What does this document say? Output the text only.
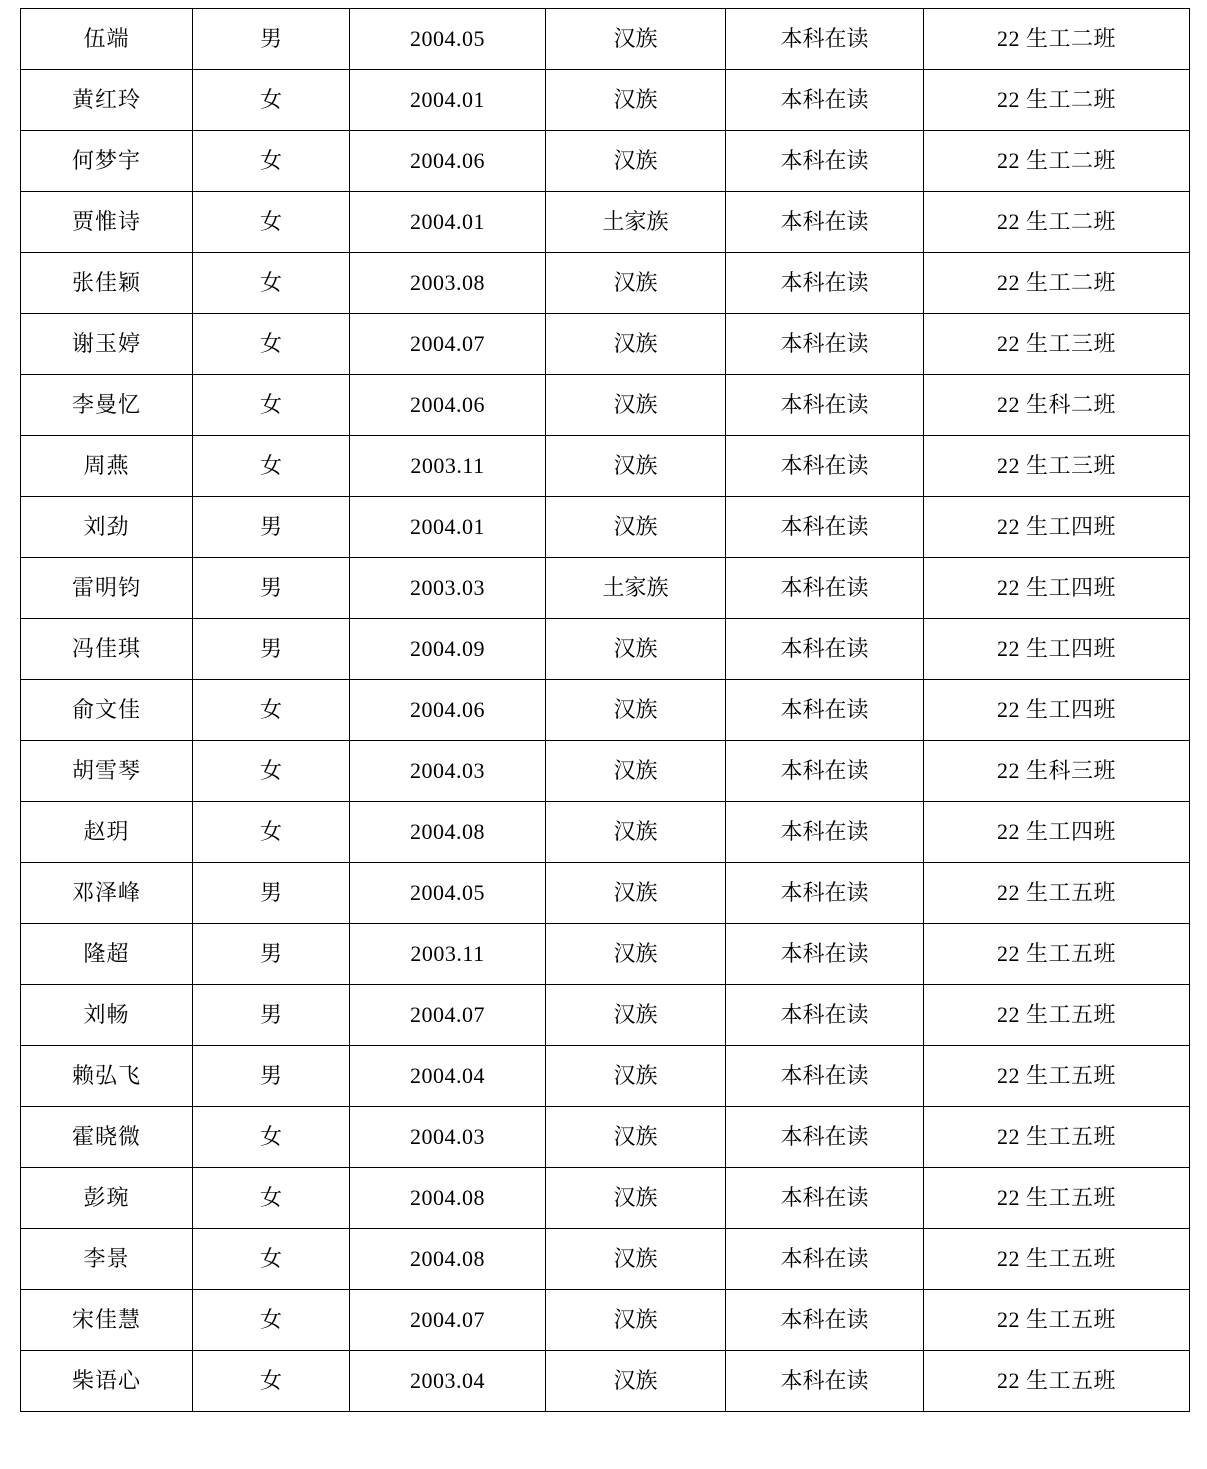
伍端	男	2004.05	汉族	本科在读	22 生工二班
黄红玲	女	2004.01	汉族	本科在读	22 生工二班
何梦宇	女	2004.06	汉族	本科在读	22 生工二班
贾惟诗	女	2004.01	土家族	本科在读	22 生工二班
张佳颖	女	2003.08	汉族	本科在读	22 生工二班
谢玉婷	女	2004.07	汉族	本科在读	22 生工三班
李曼忆	女	2004.06	汉族	本科在读	22 生科二班
周燕	女	2003.11	汉族	本科在读	22 生工三班
刘劲	男	2004.01	汉族	本科在读	22 生工四班
雷明钧	男	2003.03	土家族	本科在读	22 生工四班
冯佳琪	男	2004.09	汉族	本科在读	22 生工四班
俞文佳	女	2004.06	汉族	本科在读	22 生工四班
胡雪琴	女	2004.03	汉族	本科在读	22 生科三班
赵玥	女	2004.08	汉族	本科在读	22 生工四班
邓泽峰	男	2004.05	汉族	本科在读	22 生工五班
隆超	男	2003.11	汉族	本科在读	22 生工五班
刘畅	男	2004.07	汉族	本科在读	22 生工五班
赖弘飞	男	2004.04	汉族	本科在读	22 生工五班
霍晓微	女	2004.03	汉族	本科在读	22 生工五班
彭琬	女	2004.08	汉族	本科在读	22 生工五班
李景	女	2004.08	汉族	本科在读	22 生工五班
宋佳慧	女	2004.07	汉族	本科在读	22 生工五班
柴语心	女	2003.04	汉族	本科在读	22 生工五班
